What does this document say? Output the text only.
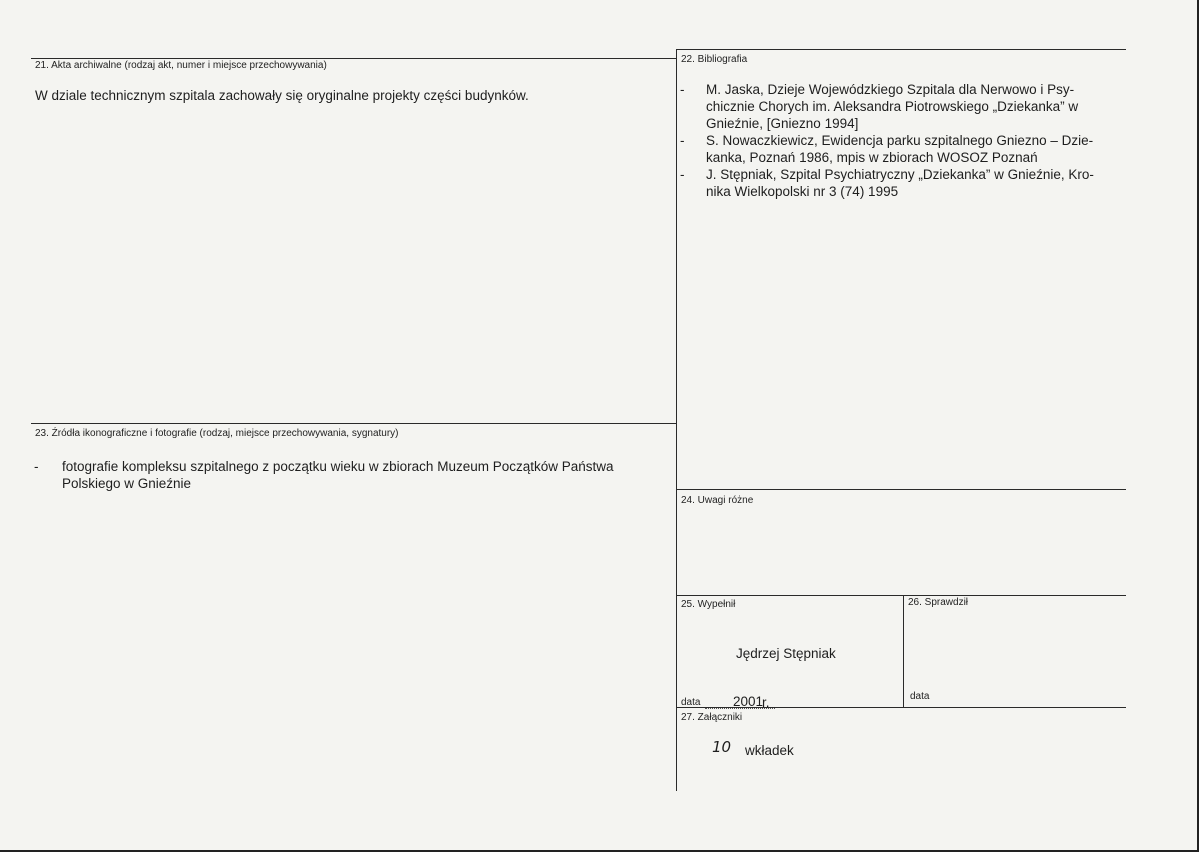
21. Akta archiwalne (rodzaj akt, numer i miejsce przechowywania)
W dziale technicznym szpitala zachowały się oryginalne projekty części budynków.
22. Bibliografia
-	M. Jaska, Dzieje Wojewódzkiego Szpitala dla Nerwowo i Psy-
chicznie Chorych im. Aleksandra Piotrowskiego „Dziekanka” w
Gnieźnie, [Gniezno 1994]
-	S. Nowaczkiewicz, Ewidencja parku szpitalnego Gniezno – Dzie-
kanka, Poznań 1986, mpis w zbiorach WOSOZ Poznań
-	J. Stępniak, Szpital Psychiatryczny „Dziekanka” w Gnieźnie, Kro-
nika Wielkopolski nr 3 (74) 1995
23. Źródła ikonograficzne i fotografie (rodzaj, miejsce przechowywania, sygnatury)
-	fotografie kompleksu szpitalnego z początku wieku w zbiorach Muzeum Początków Państwa
Polskiego w Gnieźnie
24. Uwagi różne
25. Wypełnił
Jędrzej Stępniak
data 2001
r.
26. Sprawdził
data
27. Załączniki
10 wkładek
